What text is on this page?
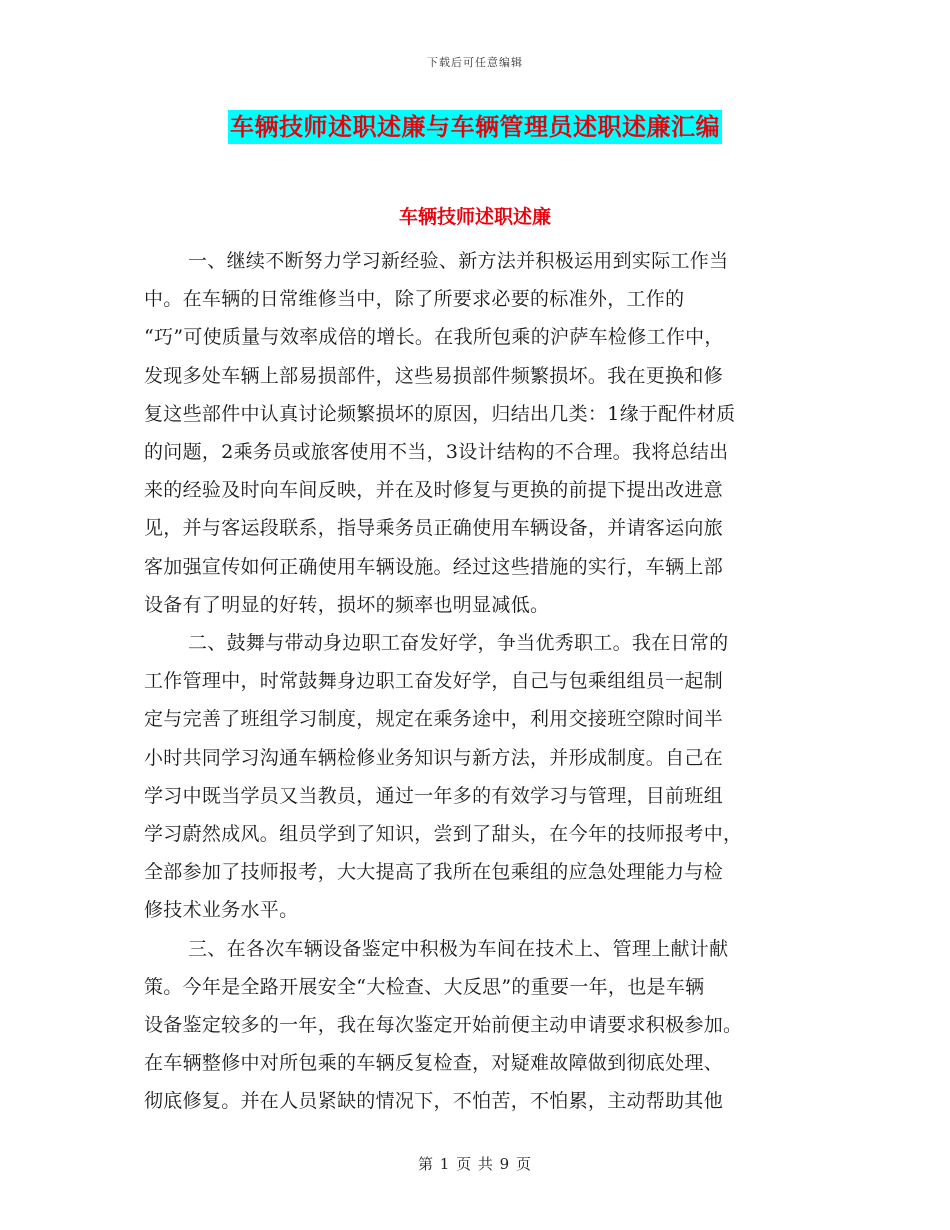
下载后可任意编辑
车辆技师述职述廉与车辆管理员述职述廉汇编
车辆技师述职述廉

一、继续不断努力学习新经验、新方法并积极运用到实际工作当
中。在车辆的日常维修当中，除了所要求必要的标准外，工作的
“巧”可使质量与效率成倍的增长。在我所包乘的沪萨车检修工作中，
发现多处车辆上部易损部件，这些易损部件频繁损坏。我在更换和修
复这些部件中认真讨论频繁损坏的原因，归结出几类：1缘于配件材质
的问题，2乘务员或旅客使用不当，3设计结构的不合理。我将总结出
来的经验及时向车间反映，并在及时修复与更换的前提下提出改进意
见，并与客运段联系，指导乘务员正确使用车辆设备，并请客运向旅
客加强宣传如何正确使用车辆设施。经过这些措施的实行，车辆上部
设备有了明显的好转，损坏的频率也明显减低。

二、鼓舞与带动身边职工奋发好学，争当优秀职工。我在日常的
工作管理中，时常鼓舞身边职工奋发好学，自己与包乘组组员一起制
定与完善了班组学习制度，规定在乘务途中，利用交接班空隙时间半
小时共同学习沟通车辆检修业务知识与新方法，并形成制度。自己在
学习中既当学员又当教员，通过一年多的有效学习与管理，目前班组
学习蔚然成风。组员学到了知识，尝到了甜头，在今年的技师报考中，
全部参加了技师报考，大大提高了我所在包乘组的应急处理能力与检
修技术业务水平。

三、在各次车辆设备鉴定中积极为车间在技术上、管理上献计献
策。今年是全路开展安全“大检查、大反思”的重要一年，也是车辆
设备鉴定较多的一年，我在每次鉴定开始前便主动申请要求积极参加。
在车辆整修中对所包乘的车辆反复检查，对疑难故障做到彻底处理、
彻底修复。并在人员紧缺的情况下，不怕苦，不怕累，主动帮助其他

第 1 页 共 9 页
